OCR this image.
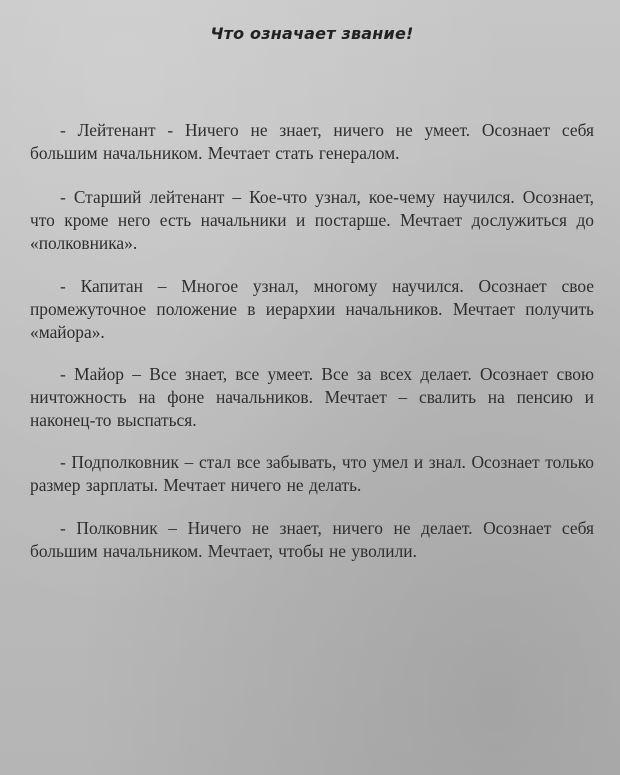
Что означает звание!

- Лейтенант - Ничего не знает, ничего не умеет. Осознает себя большим начальником. Мечтает стать генералом.

- Старший лейтенант – Кое-что узнал, кое-чему научился. Осознает, что кроме него есть начальники и постарше. Мечтает дослужиться до «полковника».

- Капитан – Многое узнал, многому научился. Осознает свое промежуточное положение в иерархии начальников. Мечтает получить «майора».

- Майор – Все знает, все умеет. Все за всех делает. Осознает свою ничтожность на фоне начальников. Мечтает – свалить на пенсию и наконец-то выспаться.

- Подполковник – стал все забывать, что умел и знал. Осознает только размер зарплаты. Мечтает ничего не делать.

- Полковник – Ничего не знает, ничего не делает. Осознает себя большим начальником. Мечтает, чтобы не уволили.
